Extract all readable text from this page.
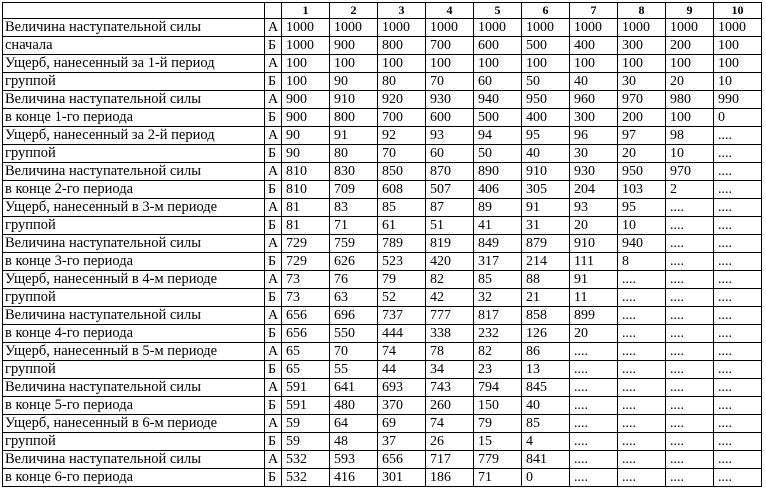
		1	2	3	4	5	6	7	8	9	10
Величина наступательной силы	А	1000	1000	1000	1000	1000	1000	1000	1000	1000	1000
сначала	Б	1000	900	800	700	600	500	400	300	200	100
Ущерб, нанесенный за 1-й период	А	100	100	100	100	100	100	100	100	100	100
группой	Б	100	90	80	70	60	50	40	30	20	10
Величина наступательной силы	А	900	910	920	930	940	950	960	970	980	990
в конце 1-го периода	Б	900	800	700	600	500	400	300	200	100	0
Ущерб, нанесенный за 2-й период	А	90	91	92	93	94	95	96	97	98	....
группой	Б	90	80	70	60	50	40	30	20	10	....
Величина наступательной силы	А	810	830	850	870	890	910	930	950	970	....
в конце 2-го периода	Б	810	709	608	507	406	305	204	103	2	....
Ущерб, нанесенный в 3-м периоде	А	81	83	85	87	89	91	93	95	....	....
группой	Б	81	71	61	51	41	31	20	10	....	....
Величина наступательной силы	А	729	759	789	819	849	879	910	940	....	....
в конце 3-го периода	Б	729	626	523	420	317	214	111	8	....	....
Ущерб, нанесенный в 4-м периоде	А	73	76	79	82	85	88	91	....	....	....
группой	Б	73	63	52	42	32	21	11	....	....	....
Величина наступательной силы	А	656	696	737	777	817	858	899	....	....	....
в конце 4-го периода	Б	656	550	444	338	232	126	20	....	....	....
Ущерб, нанесенный в 5-м периоде	А	65	70	74	78	82	86	....	....	....	....
группой	Б	65	55	44	34	23	13	....	....	....	....
Величина наступательной силы	А	591	641	693	743	794	845	....	....	....	....
в конце 5-го периода	Б	591	480	370	260	150	40	....	....	....	....
Ущерб, нанесенный в 6-м периоде	А	59	64	69	74	79	85	....	....	....	....
группой	Б	59	48	37	26	15	4	....	....	....	....
Величина наступательной силы	А	532	593	656	717	779	841	....	....	....	....
в конце 6-го периода	Б	532	416	301	186	71	0	....	....	....	....
